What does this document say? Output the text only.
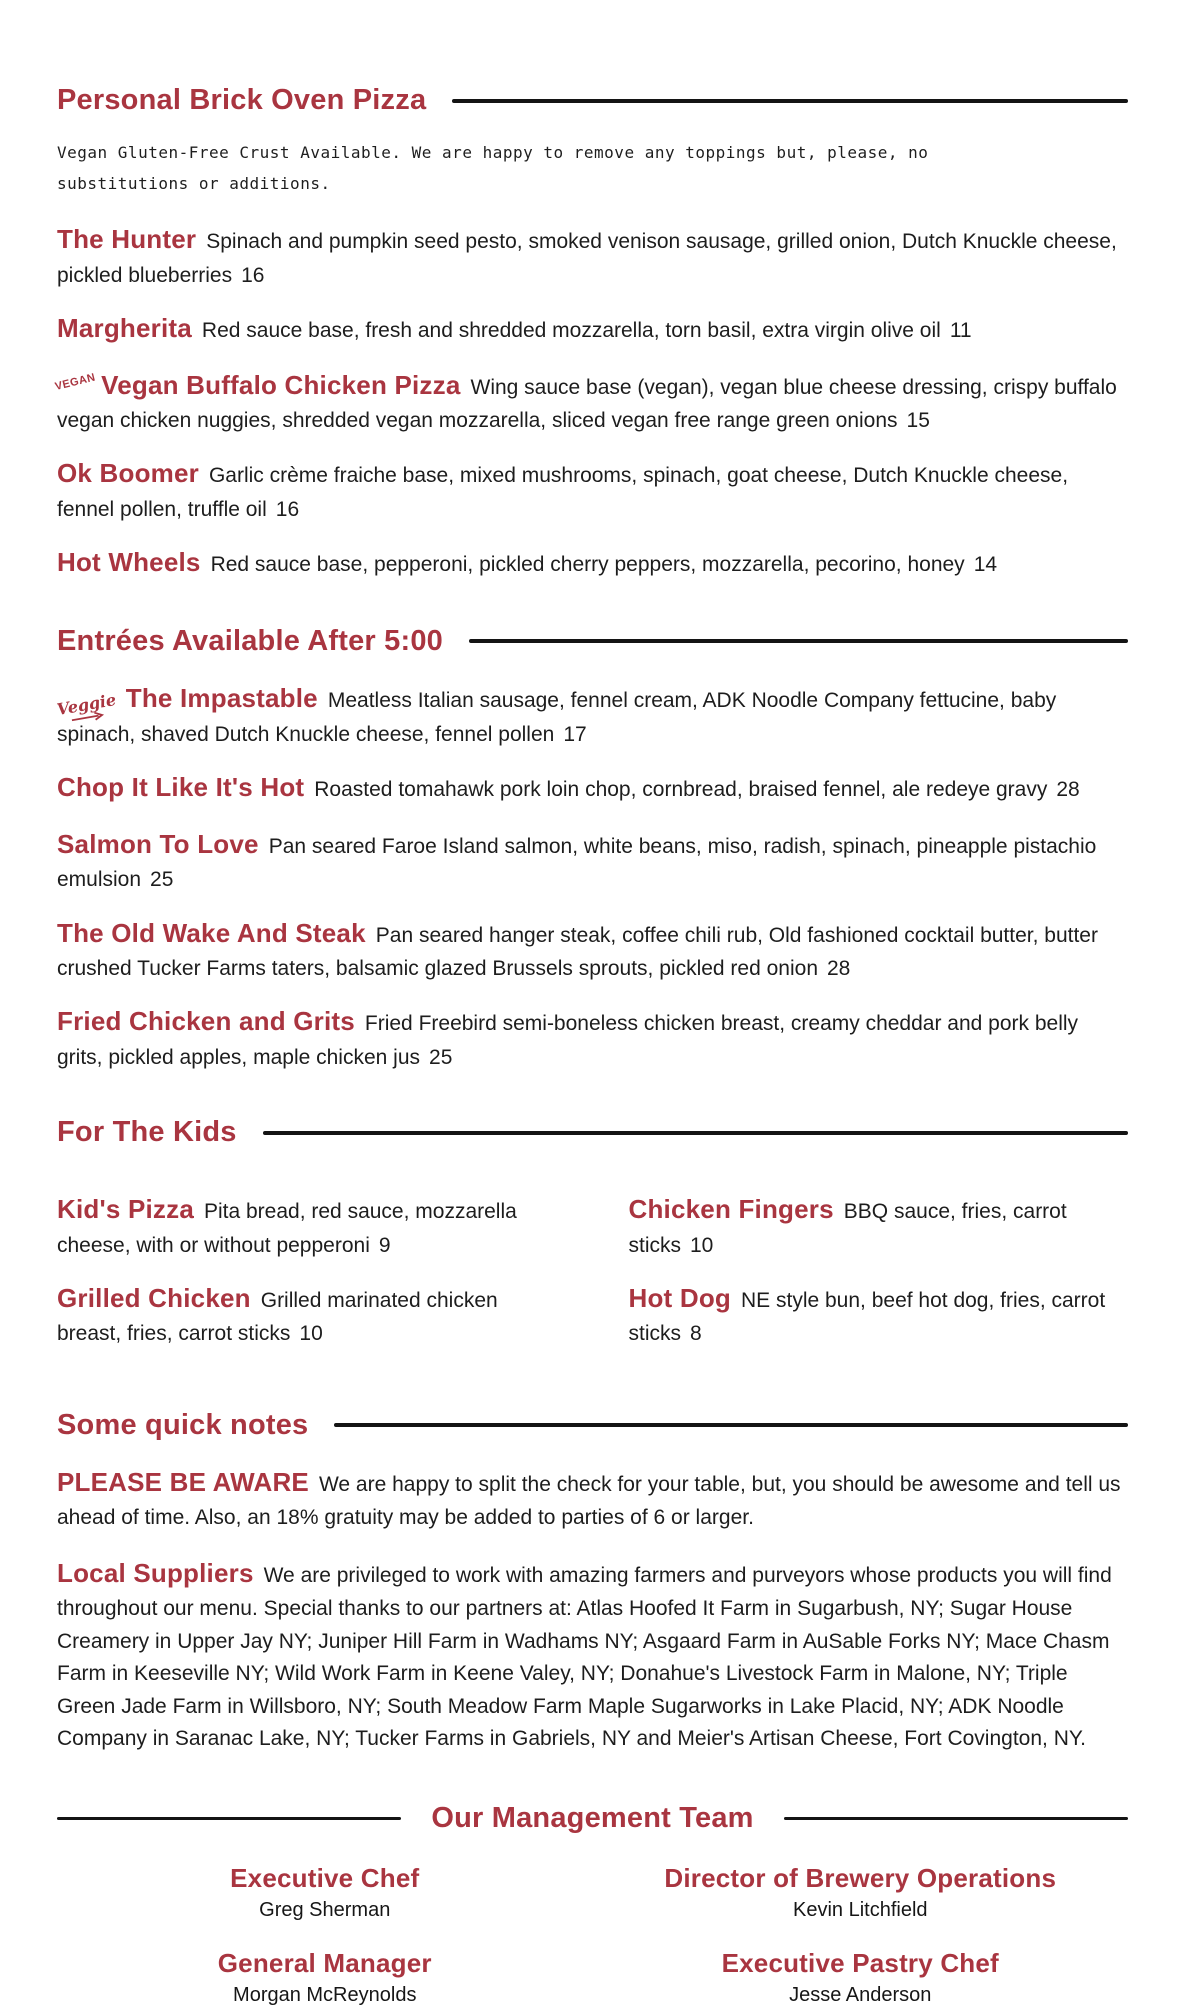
Personal Brick Oven Pizza

Vegan Gluten-Free Crust Available. We are happy to remove any toppings but, please, no substitutions or additions.

The Hunter Spinach and pumpkin seed pesto, smoked venison sausage, grilled onion, Dutch Knuckle cheese, pickled blueberries 16

Margherita Red sauce base, fresh and shredded mozzarella, torn basil, extra virgin olive oil 11

VEGAN Vegan Buffalo Chicken Pizza Wing sauce base (vegan), vegan blue cheese dressing, crispy buffalo vegan chicken nuggies, shredded vegan mozzarella, sliced vegan free range green onions 15

Ok Boomer Garlic crème fraiche base, mixed mushrooms, spinach, goat cheese, Dutch Knuckle cheese, fennel pollen, truffle oil 16

Hot Wheels Red sauce base, pepperoni, pickled cherry peppers, mozzarella, pecorino, honey 14

Entrées Available After 5:00

Veggie The Impastable Meatless Italian sausage, fennel cream, ADK Noodle Company fettucine, baby spinach, shaved Dutch Knuckle cheese, fennel pollen 17

Chop It Like It's Hot Roasted tomahawk pork loin chop, cornbread, braised fennel, ale redeye gravy 28

Salmon To Love Pan seared Faroe Island salmon, white beans, miso, radish, spinach, pineapple pistachio emulsion 25

The Old Wake And Steak Pan seared hanger steak, coffee chili rub, Old fashioned cocktail butter, butter crushed Tucker Farms taters, balsamic glazed Brussels sprouts, pickled red onion 28

Fried Chicken and Grits Fried Freebird semi-boneless chicken breast, creamy cheddar and pork belly grits, pickled apples, maple chicken jus 25

For The Kids

Kid's Pizza Pita bread, red sauce, mozzarella cheese, with or without pepperoni 9

Grilled Chicken Grilled marinated chicken breast, fries, carrot sticks 10

Chicken Fingers BBQ sauce, fries, carrot sticks 10

Hot Dog NE style bun, beef hot dog, fries, carrot sticks 8

Some quick notes

PLEASE BE AWARE We are happy to split the check for your table, but, you should be awesome and tell us ahead of time. Also, an 18% gratuity may be added to parties of 6 or larger.

Local Suppliers We are privileged to work with amazing farmers and purveyors whose products you will find throughout our menu. Special thanks to our partners at: Atlas Hoofed It Farm in Sugarbush, NY; Sugar House Creamery in Upper Jay NY; Juniper Hill Farm in Wadhams NY; Asgaard Farm in AuSable Forks NY; Mace Chasm Farm in Keeseville NY; Wild Work Farm in Keene Valey, NY; Donahue's Livestock Farm in Malone, NY; Triple Green Jade Farm in Willsboro, NY; South Meadow Farm Maple Sugarworks in Lake Placid, NY; ADK Noodle Company in Saranac Lake, NY; Tucker Farms in Gabriels, NY and Meier's Artisan Cheese, Fort Covington, NY.

Our Management Team
Executive Chef
Greg Sherman
Director of Brewery Operations
Kevin Litchfield
General Manager
Morgan McReynolds
Executive Pastry Chef
Jesse Anderson
